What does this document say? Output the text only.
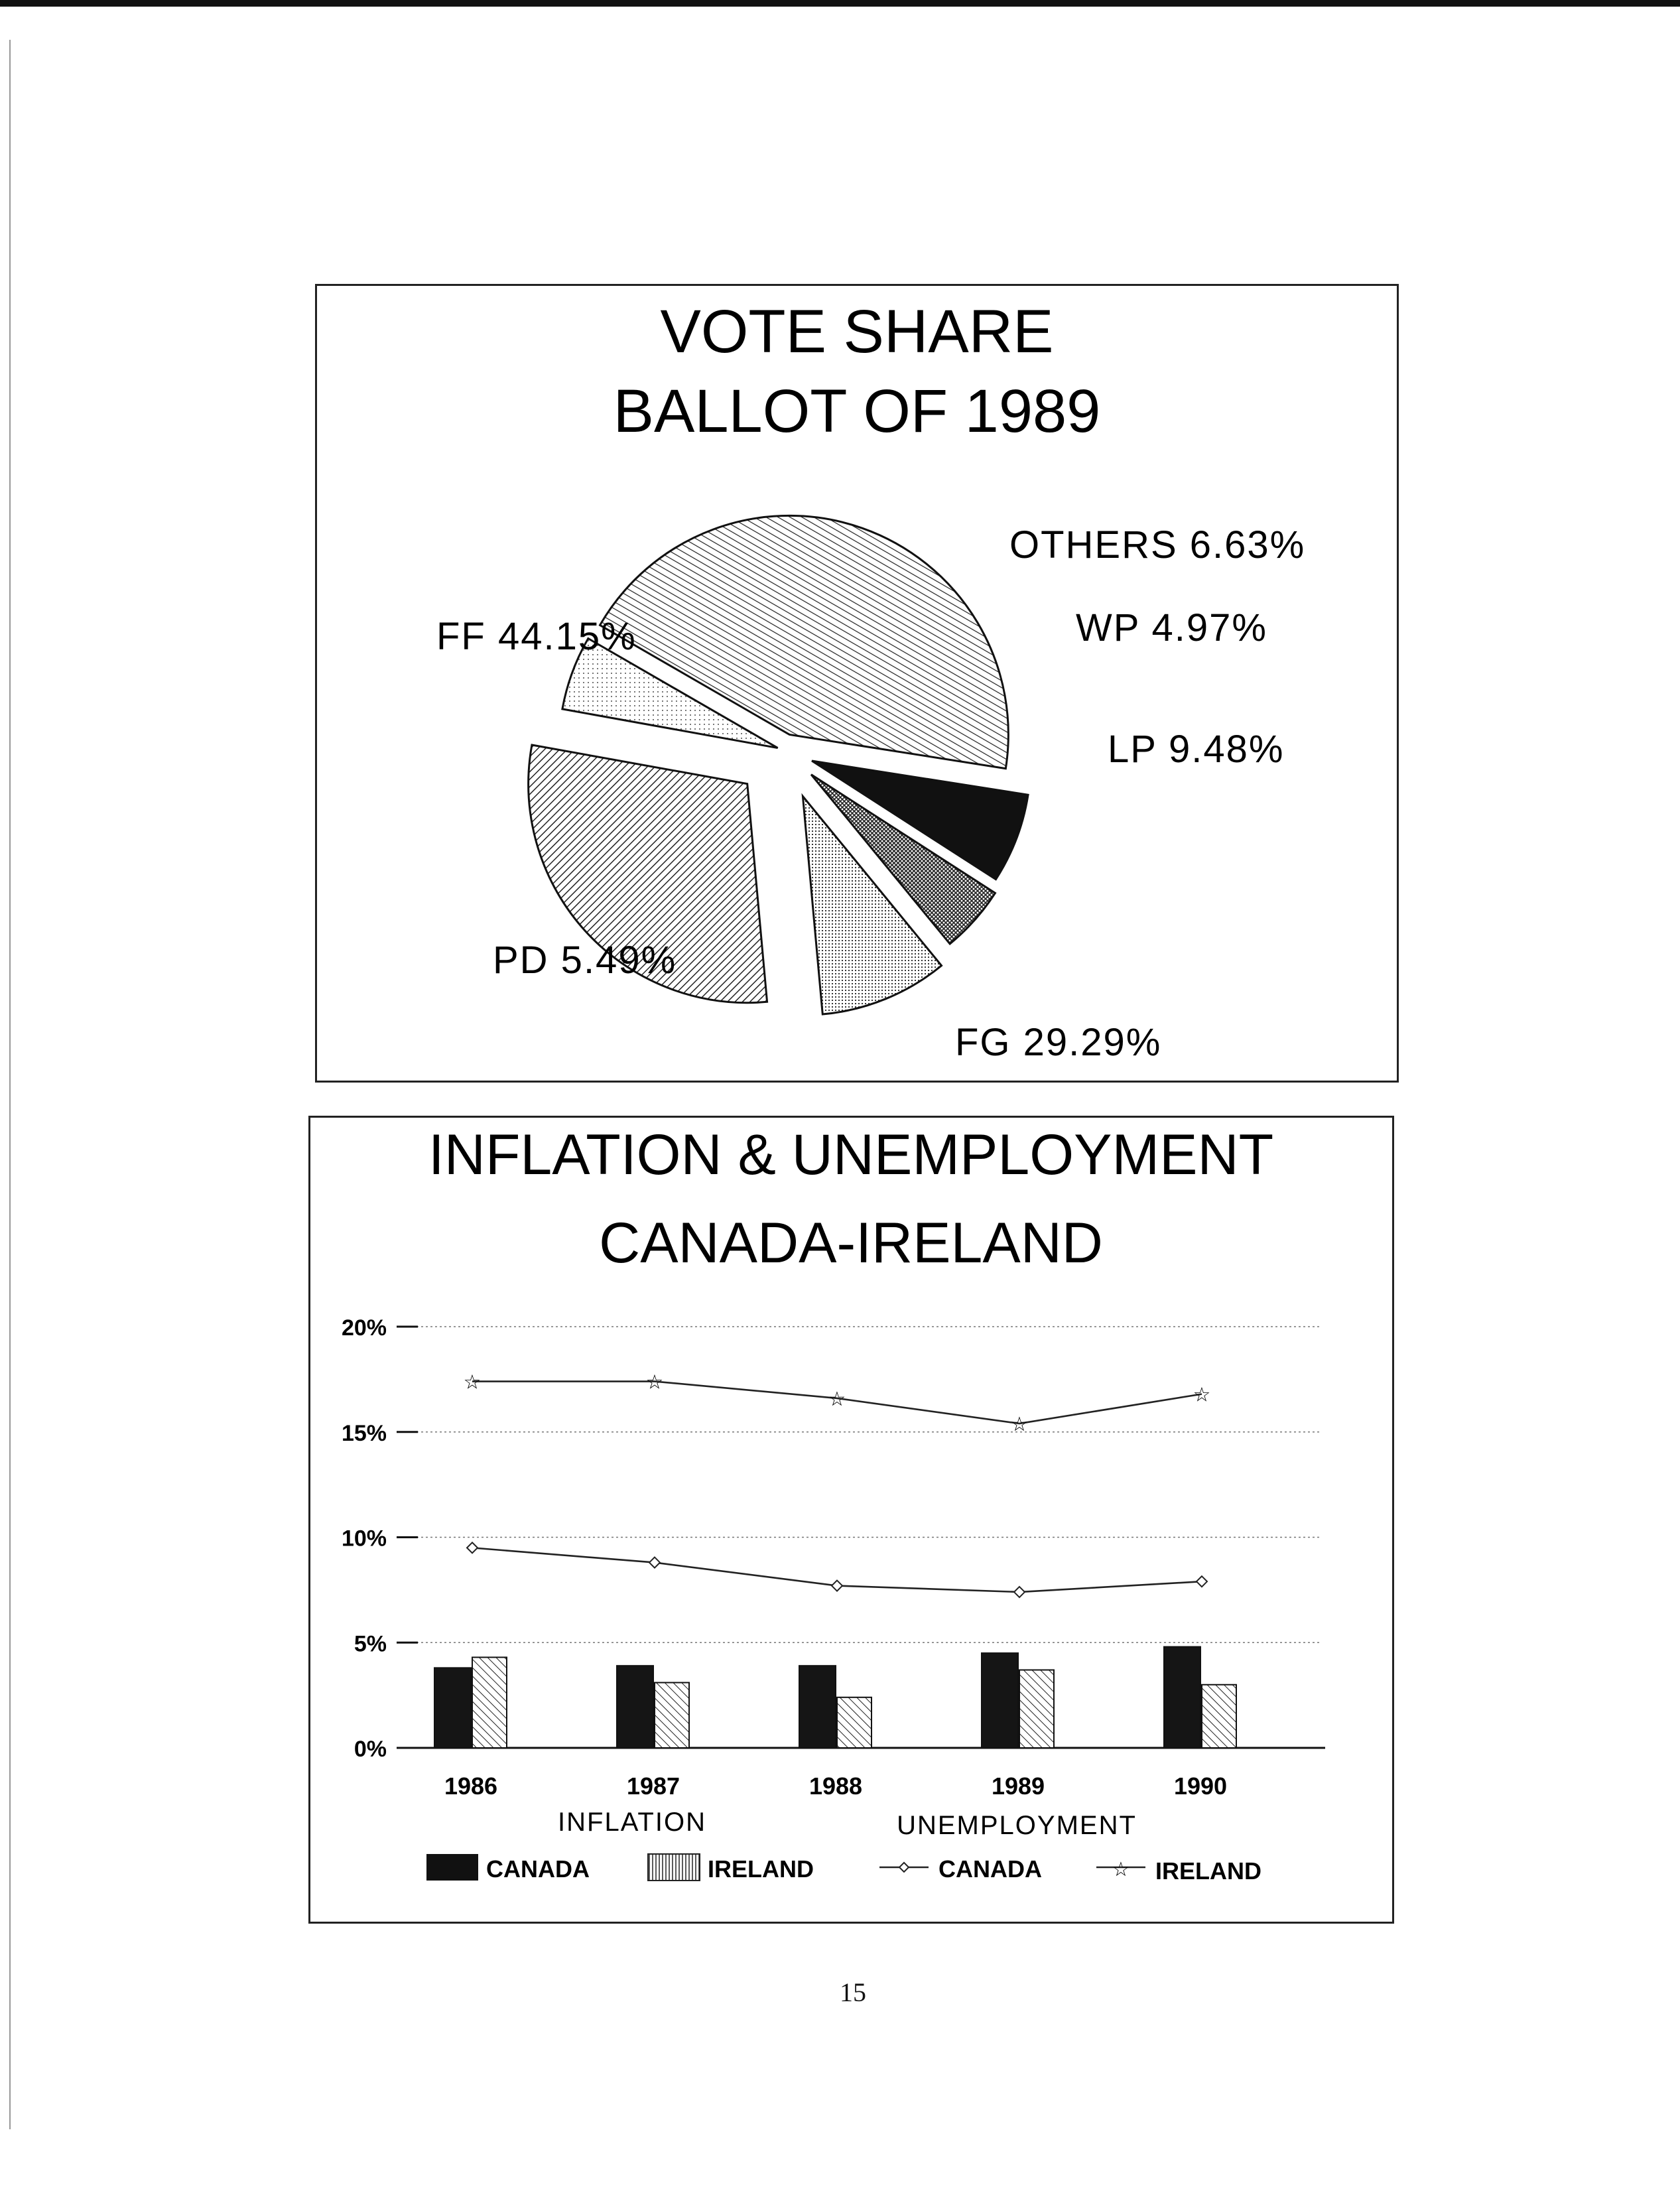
VOTE SHARE
BALLOT OF 1989
FF 44.15%
OTHERS 6.63%
WP 4.97%
LP 9.48%
FG 29.29%
PD 5.49%
INFLATION & UNEMPLOYMENT
CANADA-IRELAND
0%
5%
10%
15%
20%
☆	☆
☆
☆
☆
1986	1987	1988	1989	1990
INFLATION	UNEMPLOYMENT
CANADA	IRELAND	CANADA	☆ IRELAND
15
